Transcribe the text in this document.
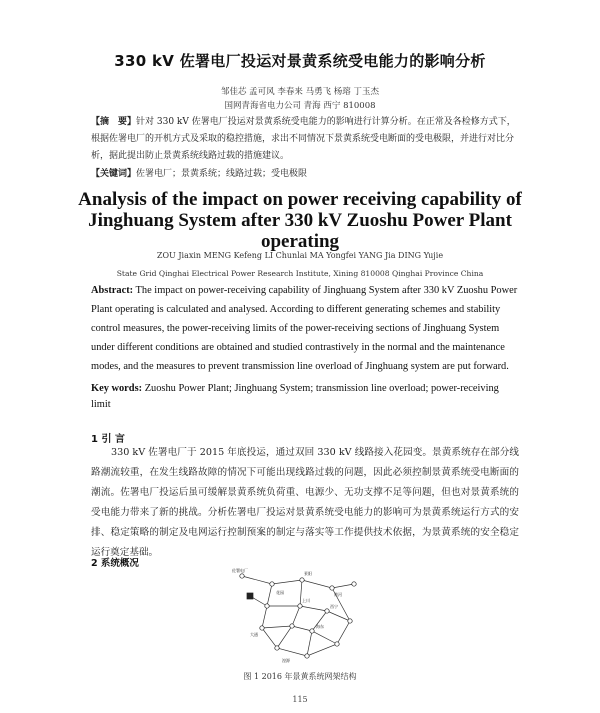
330 kV 佐署电厂投运对景黄系统受电能力的影响分析
邹佳芯 孟可风 李春来 马勇飞 杨瑢 丁玉杰
国网青海省电力公司 青海 西宁 810008
【摘　要】针对 330 kV 佐署电厂投运对景黄系统受电能力的影响进行计算分析。在正常及各检修方式下，根据佐署电厂的开机方式及采取的稳控措施，求出不同情况下景黄系统受电断面的受电极限，并进行对比分析，据此提出防止景黄系统线路过载的措施建议。
【关键词】佐署电厂；景黄系统；线路过载；受电极限
Analysis of the impact on power receiving capability of Jinghuang System after 330 kV Zuoshu Power Plant operating
ZOU Jiaxin MENG Kefeng LI Chunlai MA Yongfei YANG Jia DING Yujie
State Grid Qinghai Electrical Power Research Institute, Xining 810008 Qinghai Province China
Abstract: The impact on power-receiving capability of Jinghuang System after 330 kV Zuoshu Power Plant operating is calculated and analysed. According to different generating schemes and stability control measures, the power-receiving limits of the power-receiving sections of Jinghuang System under different conditions are obtained and studied contrastively in the normal and the maintenance modes, and the measures to prevent transmission line overload of Jinghuang system are put forward.
Key words: Zuoshu Power Plant; Jinghuang System; transmission line overload; power-receiving limit
1 引 言
330 kV 佐署电厂于 2015 年底投运，通过双回 330 kV 线路接入花园变。景黄系统存在部分线路潮流较重，在发生线路故障的情况下可能出现线路过载的问题，因此必须控制景黄系统受电断面的潮流。佐署电厂投运后虽可缓解景黄系统负荷重、电源少、无功支撑不足等问题，但也对景黄系统的受电能力带来了新的挑战。分析佐署电厂投运对景黄系统受电能力的影响可为景黄系统运行方式的安排、稳定策略的制定及电网运行控制预案的制定与落实等工作提供技术依据，为景黄系统的安全稳定运行奠定基础。
2 系统概况
佐署电厂
花园
景阳
黄河
上川
西宁
海东
大通
湟源
图 1 2016 年景黄系统网架结构
115
